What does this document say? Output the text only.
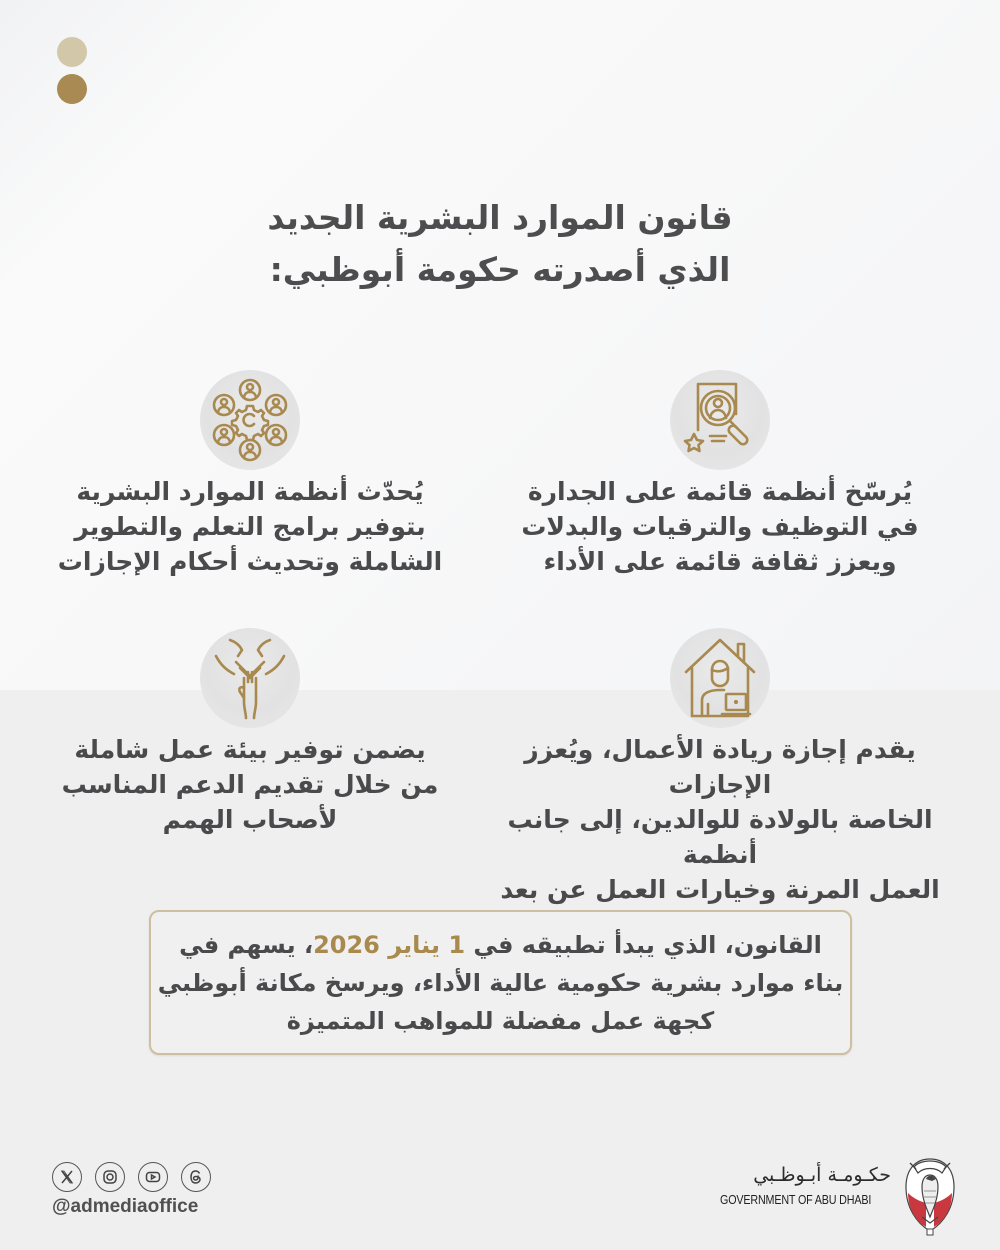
قانون الموارد البشرية الجديد
الذي أصدرته حكومة أبوظبي:
يُرسّخ أنظمة قائمة على الجدارة
في التوظيف والترقيات والبدلات
ويعزز ثقافة قائمة على الأداء
يُحدّث أنظمة الموارد البشرية
بتوفير برامج التعلم والتطوير
الشاملة وتحديث أحكام الإجازات
يقدم إجازة ريادة الأعمال، ويُعزز الإجازات
الخاصة بالولادة للوالدين، إلى جانب أنظمة
العمل المرنة وخيارات العمل عن بعد
يضمن توفير بيئة عمل شاملة
من خلال تقديم الدعم المناسب
لأصحاب الهمم
القانون، الذي يبدأ تطبيقه في 1 يناير 2026، يسهم في
بناء موارد بشرية حكومية عالية الأداء، ويرسخ مكانة أبوظبي
كجهة عمل مفضلة للمواهب المتميزة
@admediaoffice
حكـومـة أبـوظـبي
GOVERNMENT OF ABU DHABI
